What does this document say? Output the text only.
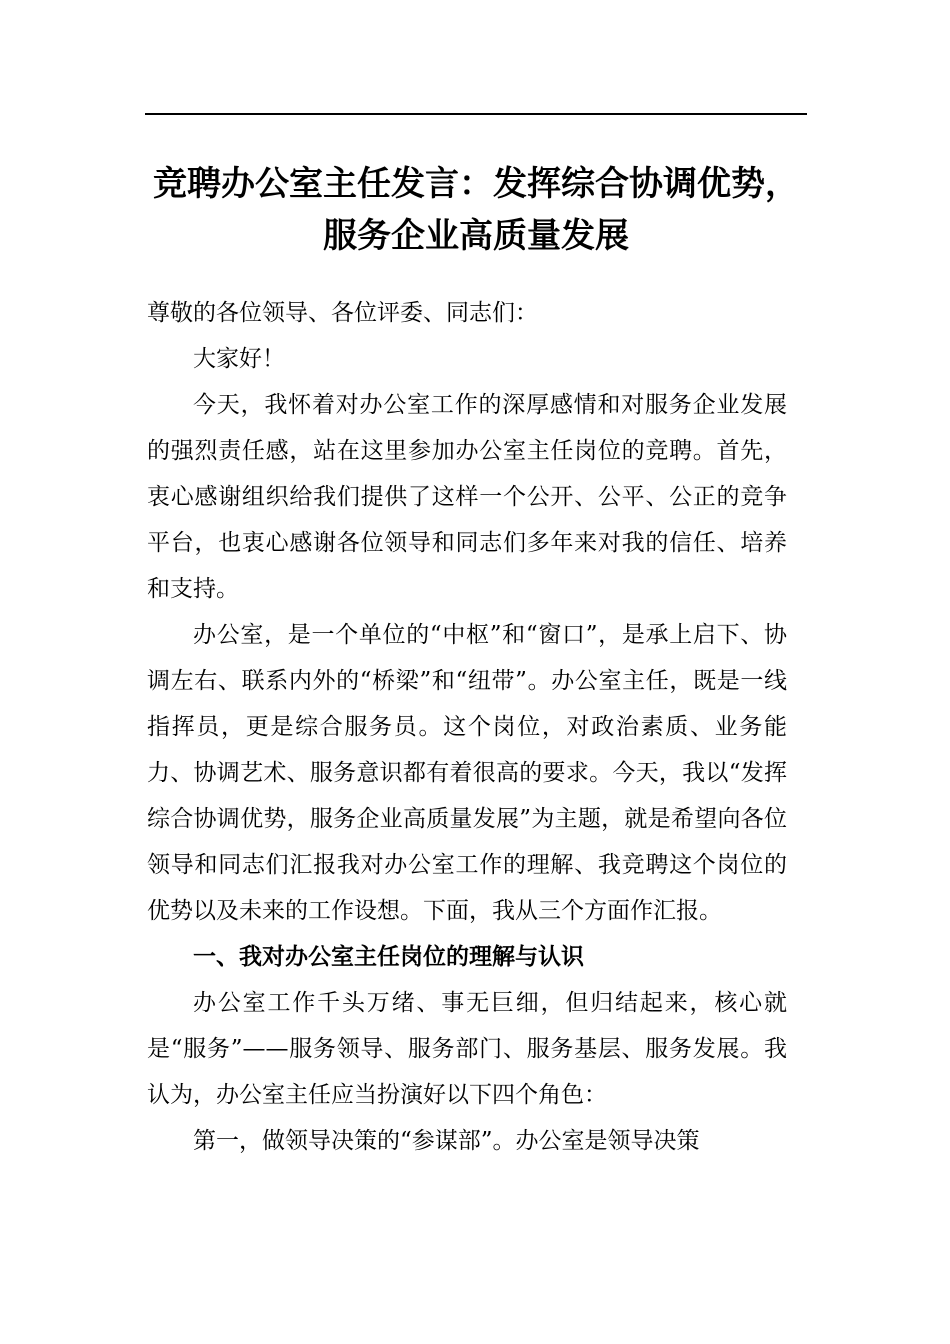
竞聘办公室主任发言：发挥综合协调优势，服务企业高质量发展

尊敬的各位领导、各位评委、同志们：

大家好！

今天，我怀着对办公室工作的深厚感情和对服务企业发展的强烈责任感，站在这里参加办公室主任岗位的竞聘。首先，衷心感谢组织给我们提供了这样一个公开、公平、公正的竞争平台，也衷心感谢各位领导和同志们多年来对我的信任、培养和支持。

办公室，是一个单位的“中枢”和“窗口”，是承上启下、协调左右、联系内外的“桥梁”和“纽带”。办公室主任，既是一线指挥员，更是综合服务员。这个岗位，对政治素质、业务能力、协调艺术、服务意识都有着很高的要求。今天，我以“发挥综合协调优势，服务企业高质量发展”为主题，就是希望向各位领导和同志们汇报我对办公室工作的理解、我竞聘这个岗位的优势以及未来的工作设想。下面，我从三个方面作汇报。

一、我对办公室主任岗位的理解与认识

办公室工作千头万绪、事无巨细，但归结起来，核心就是“服务”——服务领导、服务部门、服务基层、服务发展。我认为，办公室主任应当扮演好以下四个角色：

第一，做领导决策的“参谋部”。办公室是领导决策
